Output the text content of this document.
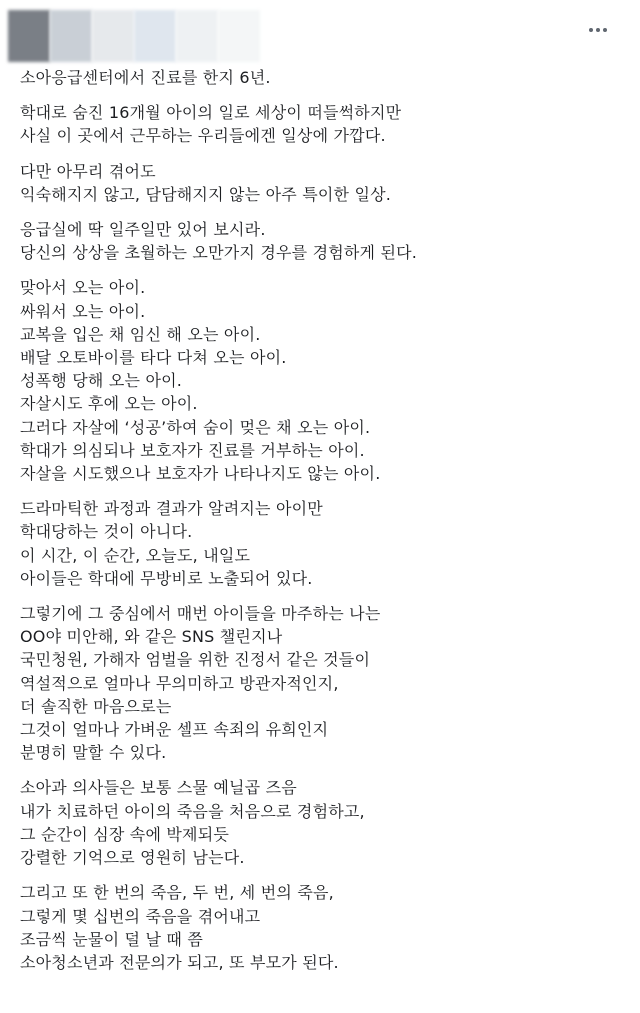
소아응급센터에서 진료를 한지 6년.
학대로 숨진 16개월 아이의 일로 세상이 떠들썩하지만
사실 이 곳에서 근무하는 우리들에겐 일상에 가깝다.
다만 아무리 겪어도
익숙해지지 않고, 담담해지지 않는 아주 특이한 일상.
응급실에 딱 일주일만 있어 보시라.
당신의 상상을 초월하는 오만가지 경우를 경험하게 된다.
맞아서 오는 아이.
싸워서 오는 아이.
교복을 입은 채 임신 해 오는 아이.
배달 오토바이를 타다 다쳐 오는 아이.
성폭행 당해 오는 아이.
자살시도 후에 오는 아이.
그러다 자살에 ‘성공’하여 숨이 멎은 채 오는 아이.
학대가 의심되나 보호자가 진료를 거부하는 아이.
자살을 시도했으나 보호자가 나타나지도 않는 아이.
드라마틱한 과정과 결과가 알려지는 아이만
학대당하는 것이 아니다.
이 시간, 이 순간, 오늘도, 내일도
아이들은 학대에 무방비로 노출되어 있다.
그렇기에 그 중심에서 매번 아이들을 마주하는 나는
OO야 미안해, 와 같은 SNS 챌린지나
국민청원, 가해자 엄벌을 위한 진정서 같은 것들이
역설적으로 얼마나 무의미하고 방관자적인지,
더 솔직한 마음으로는
그것이 얼마나 가벼운 셀프 속죄의 유희인지
분명히 말할 수 있다.
소아과 의사들은 보통 스물 예닐곱 즈음
내가 치료하던 아이의 죽음을 처음으로 경험하고,
그 순간이 심장 속에 박제되듯
강렬한 기억으로 영원히 남는다.
그리고 또 한 번의 죽음, 두 번, 세 번의 죽음,
그렇게 몇 십번의 죽음을 겪어내고
조금씩 눈물이 덜 날 때 쯤
소아청소년과 전문의가 되고, 또 부모가 된다.
